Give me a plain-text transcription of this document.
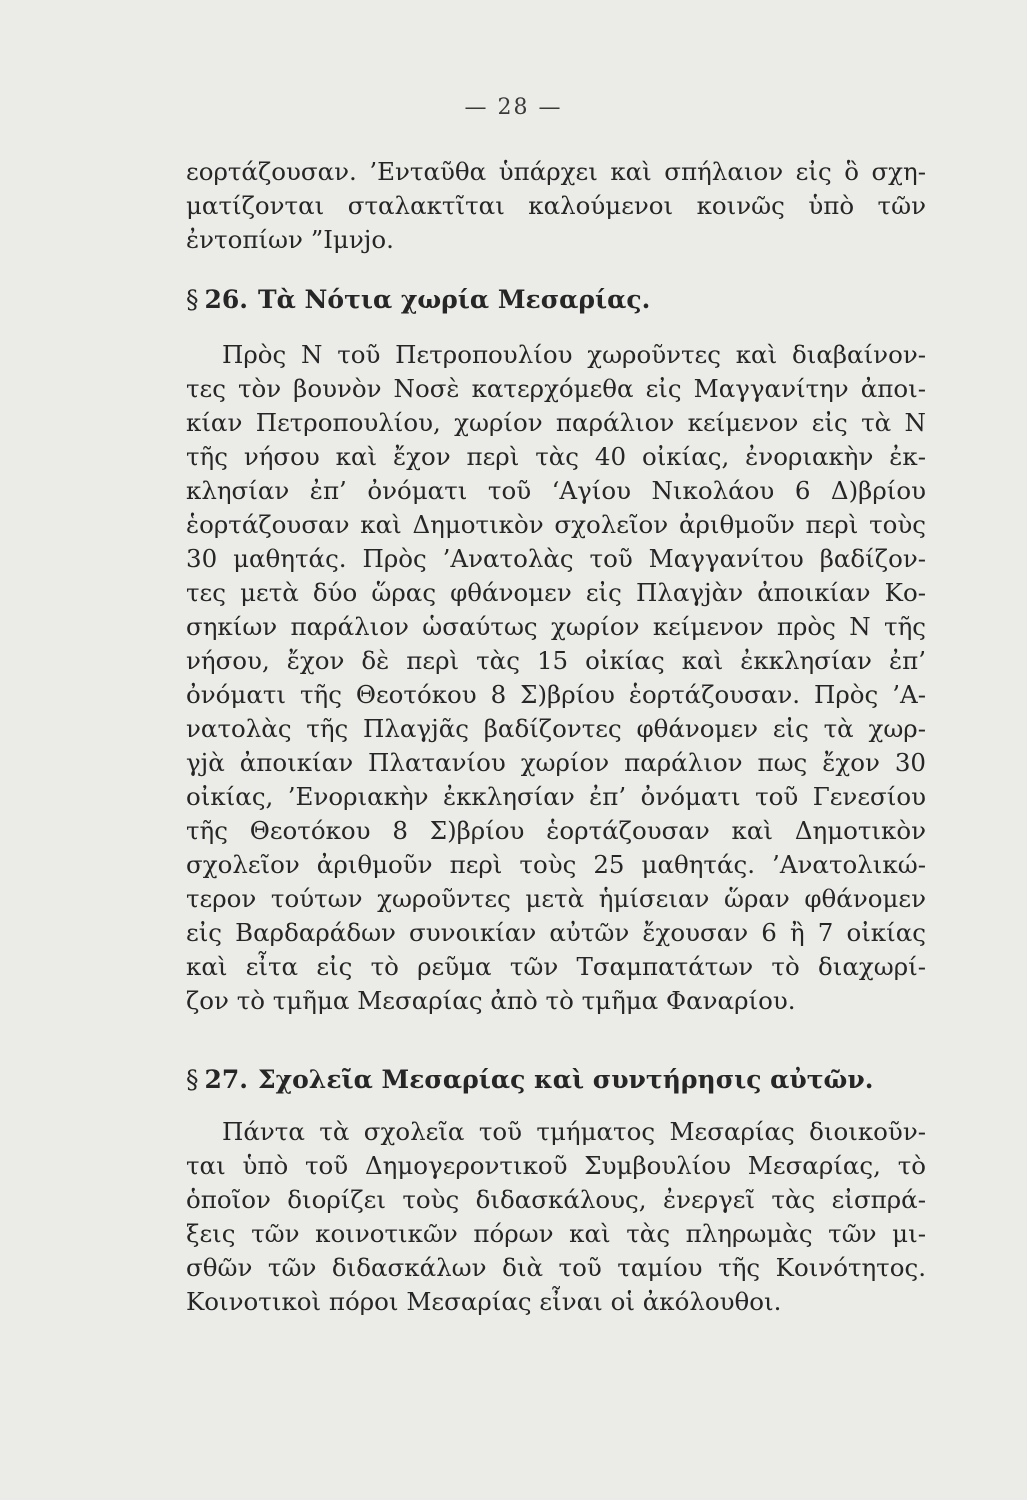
— 28 —
εορτάζουσαν. ’Ενταῦθα ὑπάρχει καὶ σπήλαιον εἰς ὃ σχη-
ματίζονται σταλακτῖται καλούμενοι κοινῶς ὑπὸ τῶν
ἐντοπίων ”Ιμνjο.
§ 26. Τὰ Νότια χωρία Μεσαρίας.
Πρὸς Ν τοῦ Πετροπουλίου χωροῦντες καὶ διαβαίνον-
τες τὸν βουνὸν Νοσὲ κατερχόμεθα εἰς Μαγγανίτην ἀποι-
κίαν Πετροπουλίου, χωρίον παράλιον κείμενον εἰς τὰ Ν
τῆς νήσου καὶ ἔχον περὶ τὰς 40 οἰκίας, ἐνοριακὴν ἐκ-
κλησίαν ἐπ’ ὀνόματι τοῦ ‘Αγίου Νικολάου 6 Δ)βρίου
ἑορτάζουσαν καὶ Δημοτικὸν σχολεῖον ἀριθμοῦν περὶ τοὺς
30 μαθητάς. Πρὸς ’Ανατολὰς τοῦ Μαγγανίτου βαδίζον-
τες μετὰ δύο ὥρας φθάνομεν εἰς Πλαγjὰν ἀποικίαν Κο-
σηκίων παράλιον ὡσαύτως χωρίον κείμενον πρὸς Ν τῆς
νήσου, ἔχον δὲ περὶ τὰς 15 οἰκίας καὶ ἐκκλησίαν ἐπ’
ὀνόματι τῆς Θεοτόκου 8 Σ)βρίου ἑορτάζουσαν. Πρὸς ’Α-
νατολὰς τῆς Πλαγjᾶς βαδίζοντες φθάνομεν εἰς τὰ χωρ-
γjὰ ἀποικίαν Πλατανίου χωρίον παράλιον πως ἔχον 30
οἰκίας, ’Ενοριακὴν ἐκκλησίαν ἐπ’ ὀνόματι τοῦ Γενεσίου
τῆς Θεοτόκου 8 Σ)βρίου ἑορτάζουσαν καὶ Δημοτικὸν
σχολεῖον ἀριθμοῦν περὶ τοὺς 25 μαθητάς. ’Ανατολικώ-
τερον τούτων χωροῦντες μετὰ ἡμίσειαν ὥραν φθάνομεν
εἰς Βαρδαράδων συνοικίαν αὐτῶν ἔχουσαν 6 ἢ 7 οἰκίας
καὶ εἶτα εἰς τὸ ρεῦμα τῶν Τσαμπατάτων τὸ διαχωρί-
ζον τὸ τμῆμα Μεσαρίας ἀπὸ τὸ τμῆμα Φαναρίου.
§ 27. Σχολεῖα Μεσαρίας καὶ συντήρησις αὐτῶν.
Πάντα τὰ σχολεῖα τοῦ τμήματος Μεσαρίας διοικοῦν-
ται ὑπὸ τοῦ Δημογεροντικοῦ Συμβουλίου Μεσαρίας, τὸ
ὁποῖον διορίζει τοὺς διδασκάλους, ἐνεργεῖ τὰς εἰσπρά-
ξεις τῶν κοινοτικῶν πόρων καὶ τὰς πληρωμὰς τῶν μι-
σθῶν τῶν διδασκάλων διὰ τοῦ ταμίου τῆς Κοινότητος.
Κοινοτικοὶ πόροι Μεσαρίας εἶναι οἱ ἀκόλουθοι.
